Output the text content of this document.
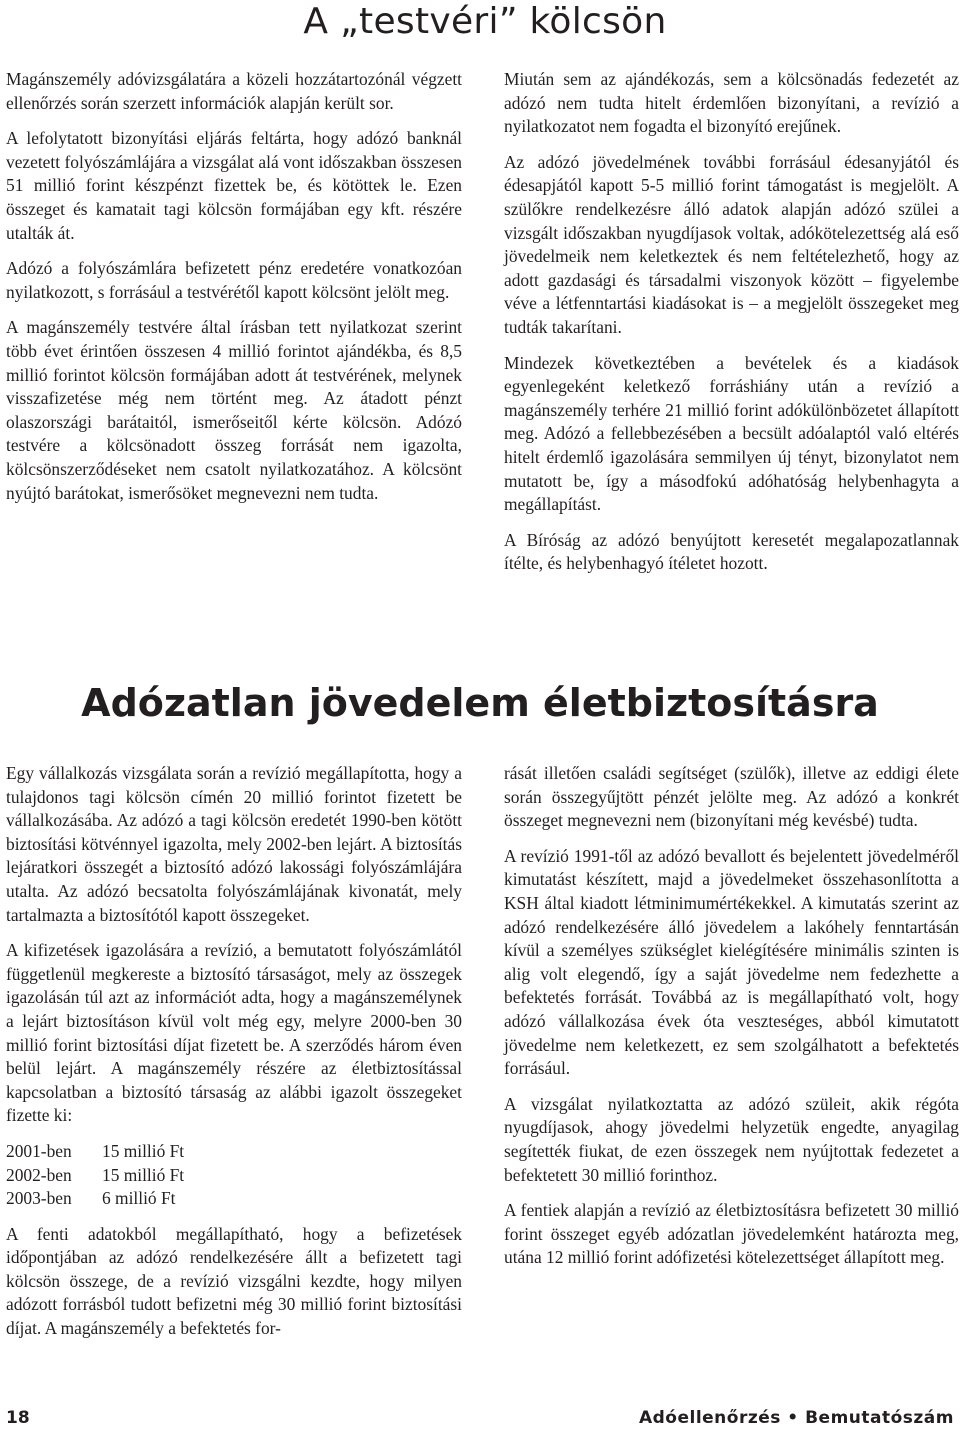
A „testvéri” kölcsön

Magánszemély adóvizsgálatára a közeli hozzátartozónál végzett ellenőrzés során szerzett információk alapján került sor.

A lefolytatott bizonyítási eljárás feltárta, hogy adózó banknál vezetett folyószámlájára a vizsgálat alá vont időszakban összesen 51 millió forint készpénzt fizettek be, és kötöttek le. Ezen összeget és kamatait tagi kölcsön formájában egy kft. részére utalták át.

Adózó a folyószámlára befizetett pénz eredetére vonatkozóan nyilatkozott, s forrásául a testvérétől kapott kölcsönt jelölt meg.

A magánszemély testvére által írásban tett nyilatkozat szerint több évet érintően összesen 4 millió forintot ajándékba, és 8,5 millió forintot kölcsön formájában adott át testvérének, melynek visszafizetése még nem történt meg. Az átadott pénzt olaszországi barátaitól, ismerőseitől kérte kölcsön. Adózó testvére a kölcsönadott összeg forrását nem igazolta, kölcsönszerződéseket nem csatolt nyilatkozatához. A kölcsönt nyújtó barátokat, ismerősöket megnevezni nem tudta.

Miután sem az ajándékozás, sem a kölcsönadás fedezetét az adózó nem tudta hitelt érdemlően bizonyítani, a revízió a nyilatkozatot nem fogadta el bizonyító erejűnek.

Az adózó jövedelmének további forrásául édesanyjától és édesapjától kapott 5-5 millió forint támogatást is megjelölt. A szülőkre rendelkezésre álló adatok alapján adózó szülei a vizsgált időszakban nyugdíjasok voltak, adókötelezettség alá eső jövedelmeik nem keletkeztek és nem feltételezhető, hogy az adott gazdasági és társadalmi viszonyok között – figyelembe véve a létfenntartási kiadásokat is – a megjelölt összegeket meg tudták takarítani.

Mindezek következtében a bevételek és a kiadások egyenlegeként keletkező forráshiány után a revízió a magánszemély terhére 21 millió forint adókülönbözetet állapított meg. Adózó a fellebbezésében a becsült adóalaptól való eltérés hitelt érdemlő igazolására semmilyen új tényt, bizonylatot nem mutatott be, így a másodfokú adóhatóság helybenhagyta a megállapítást.

A Bíróság az adózó benyújtott keresetét megalapozatlannak ítélte, és helybenhagyó ítéletet hozott.

Adózatlan jövedelem életbiztosításra

Egy vállalkozás vizsgálata során a revízió megállapította, hogy a tulajdonos tagi kölcsön címén 20 millió forintot fizetett be vállalkozásába. Az adózó a tagi kölcsön eredetét 1990-ben kötött biztosítási kötvénnyel igazolta, mely 2002-ben lejárt. A biztosítás lejáratkori összegét a biztosító adózó lakossági folyószámlájára utalta. Az adózó becsatolta folyószámlájának kivonatát, mely tartalmazta a biztosítótól kapott összegeket.

A kifizetések igazolására a revízió, a bemutatott folyószámlától függetlenül megkereste a biztosító társaságot, mely az összegek igazolásán túl azt az információt adta, hogy a magánszemélynek a lejárt biztosításon kívül volt még egy, melyre 2000-ben 30 millió forint biztosítási díjat fizetett be. A szerződés három éven belül lejárt. A magánszemély részére az életbiztosítással kapcsolatban a biztosító társaság az alábbi igazolt összegeket fizette ki:

2001-ben	15 millió Ft
2002-ben	15 millió Ft
2003-ben	6 millió Ft

A fenti adatokból megállapítható, hogy a befizetések időpontjában az adózó rendelkezésére állt a befizetett tagi kölcsön összege, de a revízió vizsgálni kezdte, hogy milyen adózott forrásból tudott befizetni még 30 millió forint biztosítási díjat. A magánszemély a befektetés for-

rását illetően családi segítséget (szülők), illetve az eddigi élete során összegyűjtött pénzét jelölte meg. Az adózó a konkrét összeget megnevezni nem (bizonyítani még kevésbé) tudta.

A revízió 1991-től az adózó bevallott és bejelentett jövedelméről kimutatást készített, majd a jövedelmeket összehasonlította a KSH által kiadott létminimumértékekkel. A kimutatás szerint az adózó rendelkezésére álló jövedelem a lakóhely fenntartásán kívül a személyes szükséglet kielégítésére minimális szinten is alig volt elegendő, így a saját jövedelme nem fedezhette a befektetés forrását. Továbbá az is megállapítható volt, hogy adózó vállalkozása évek óta veszteséges, abból kimutatott jövedelme nem keletkezett, ez sem szolgálhatott a befektetés forrásául.

A vizsgálat nyilatkoztatta az adózó szüleit, akik régóta nyugdíjasok, ahogy jövedelmi helyzetük engedte, anyagilag segítették fiukat, de ezen összegek nem nyújtottak fedezetet a befektetett 30 millió forinthoz.

A fentiek alapján a revízió az életbiztosításra befizetett 30 millió forint összeget egyéb adózatlan jövedelemként határozta meg, utána 12 millió forint adófizetési kötelezettséget állapított meg.

18	Adóellenőrzés • Bemutatószám
